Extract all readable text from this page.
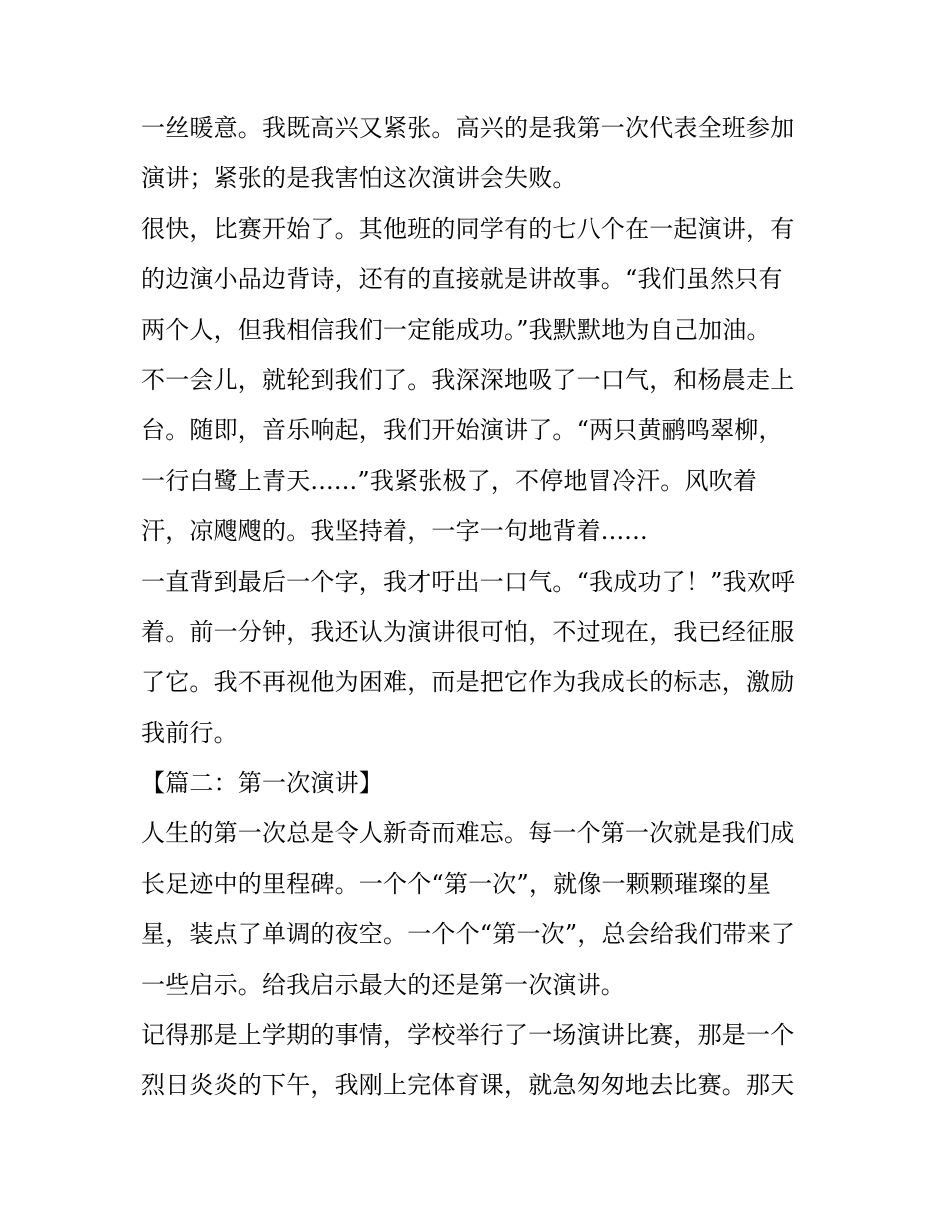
一丝暖意。我既高兴又紧张。高兴的是我第一次代表全班参加
演讲；紧张的是我害怕这次演讲会失败。
很快，比赛开始了。其他班的同学有的七八个在一起演讲，有
的边演小品边背诗，还有的直接就是讲故事。“我们虽然只有
两个人，但我相信我们一定能成功。”我默默地为自己加油。
不一会儿，就轮到我们了。我深深地吸了一口气，和杨晨走上
台。随即，音乐响起，我们开始演讲了。“两只黄鹂鸣翠柳，
一行白鹭上青天......”我紧张极了，不停地冒冷汗。风吹着
汗，凉飕飕的。我坚持着，一字一句地背着......
一直背到最后一个字，我才吁出一口气。“我成功了！”我欢呼
着。前一分钟，我还认为演讲很可怕，不过现在，我已经征服
了它。我不再视他为困难，而是把它作为我成长的标志，激励
我前行。
【篇二：第一次演讲】
人生的第一次总是令人新奇而难忘。每一个第一次就是我们成
长足迹中的里程碑。一个个“第一次”，就像一颗颗璀璨的星
星，装点了单调的夜空。一个个“第一次”，总会给我们带来了
一些启示。给我启示最大的还是第一次演讲。
记得那是上学期的事情，学校举行了一场演讲比赛，那是一个
烈日炎炎的下午，我刚上完体育课，就急匆匆地去比赛。那天
